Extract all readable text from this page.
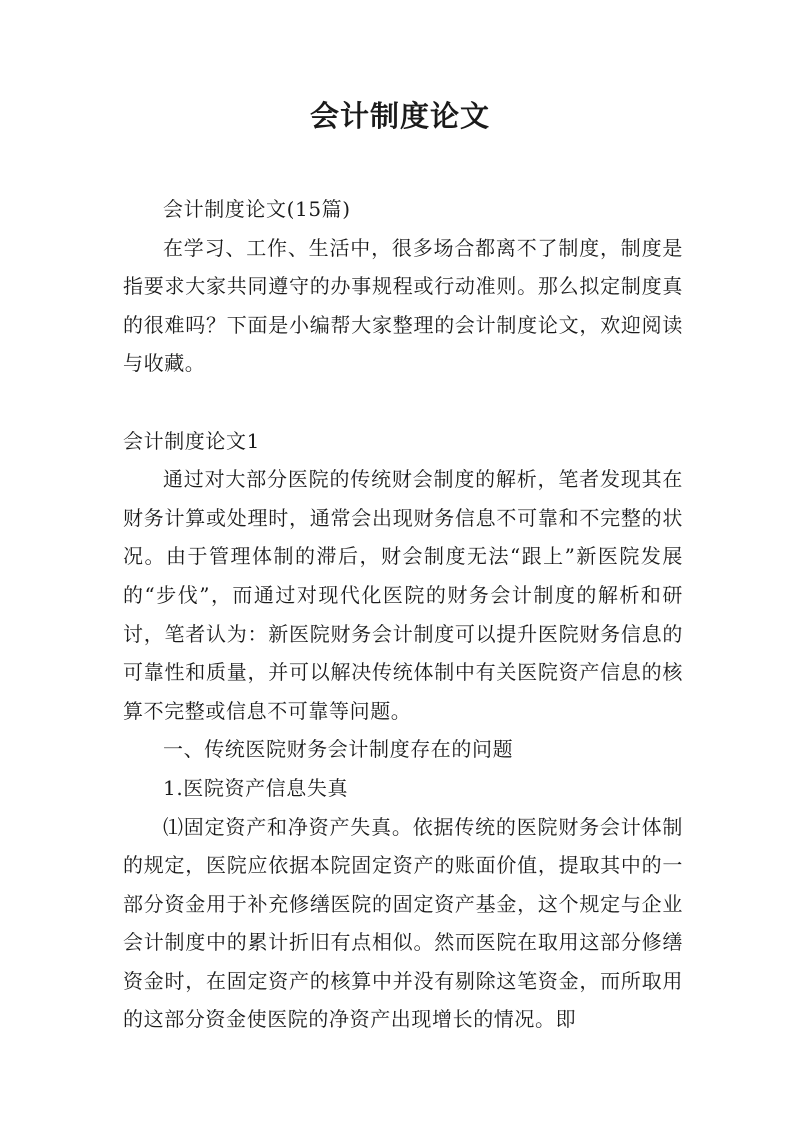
会计制度论文

会计制度论文(15篇)

在学习、工作、生活中，很多场合都离不了制度，制度是指要求大家共同遵守的办事规程或行动准则。那么拟定制度真的很难吗？下面是小编帮大家整理的会计制度论文，欢迎阅读与收藏。

会计制度论文1

通过对大部分医院的传统财会制度的解析，笔者发现其在财务计算或处理时，通常会出现财务信息不可靠和不完整的状况。由于管理体制的滞后，财会制度无法“跟上”新医院发展的“步伐”，而通过对现代化医院的财务会计制度的解析和研讨，笔者认为：新医院财务会计制度可以提升医院财务信息的可靠性和质量，并可以解决传统体制中有关医院资产信息的核算不完整或信息不可靠等问题。

一、传统医院财务会计制度存在的问题

1.医院资产信息失真

⑴固定资产和净资产失真。依据传统的医院财务会计体制的规定，医院应依据本院固定资产的账面价值，提取其中的一部分资金用于补充修缮医院的固定资产基金，这个规定与企业会计制度中的累计折旧有点相似。然而医院在取用这部分修缮资金时，在固定资产的核算中并没有剔除这笔资金，而所取用的这部分资金使医院的净资产出现增长的情况。即
